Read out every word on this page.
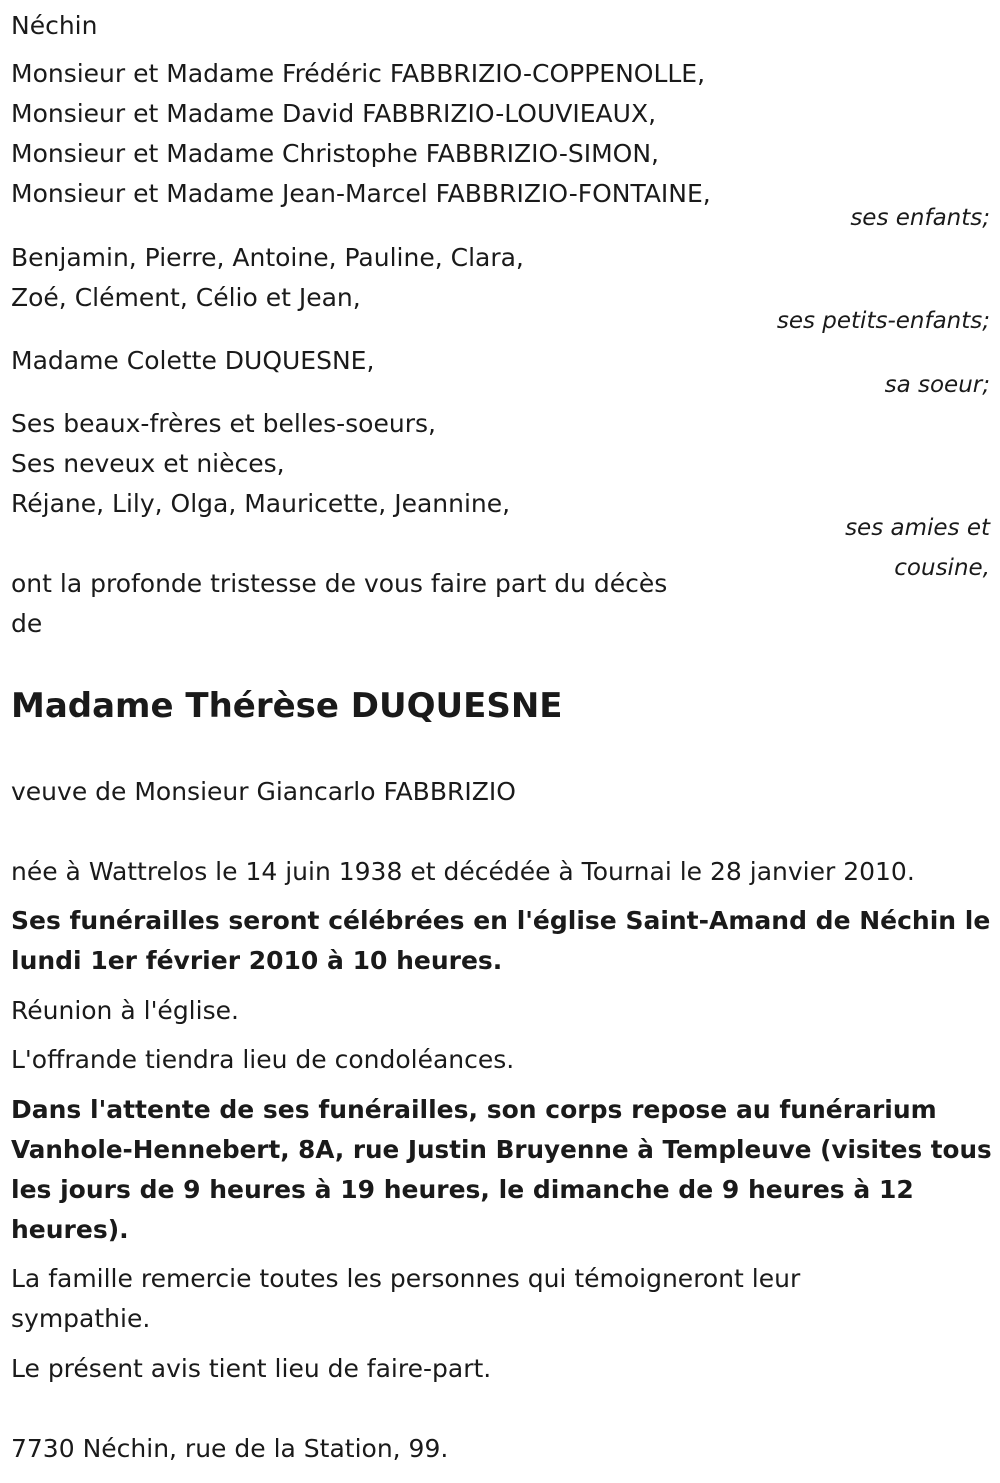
Néchin

Monsieur et Madame Frédéric FABBRIZIO-COPPENOLLE,

Monsieur et Madame David FABBRIZIO-LOUVIEAUX,

Monsieur et Madame Christophe FABBRIZIO-SIMON,

Monsieur et Madame Jean-Marcel FABBRIZIO-FONTAINE,

ses enfants;

Benjamin, Pierre, Antoine, Pauline, Clara,

Zoé, Clément, Célio et Jean,

ses petits-enfants;

Madame Colette DUQUESNE,

sa soeur;

Ses beaux-frères et belles-soeurs,

Ses neveux et nièces,

Réjane, Lily, Olga, Mauricette, Jeannine,

ses amies et

cousine,

ont la profonde tristesse de vous faire part du décès

de

Madame Thérèse DUQUESNE

veuve de Monsieur Giancarlo FABBRIZIO

née à Wattrelos le 14 juin 1938 et décédée à Tournai le 28 janvier 2010.

Ses funérailles seront célébrées en l'église Saint-Amand de Néchin le

lundi 1er février 2010 à 10 heures.

Réunion à l'église.

L'offrande tiendra lieu de condoléances.

Dans l'attente de ses funérailles, son corps repose au funérarium

Vanhole-Hennebert, 8A, rue Justin Bruyenne à Templeuve (visites tous

les jours de 9 heures à 19 heures, le dimanche de 9 heures à 12

heures).

La famille remercie toutes les personnes qui témoigneront leur

sympathie.

Le présent avis tient lieu de faire-part.

7730 Néchin, rue de la Station, 99.
